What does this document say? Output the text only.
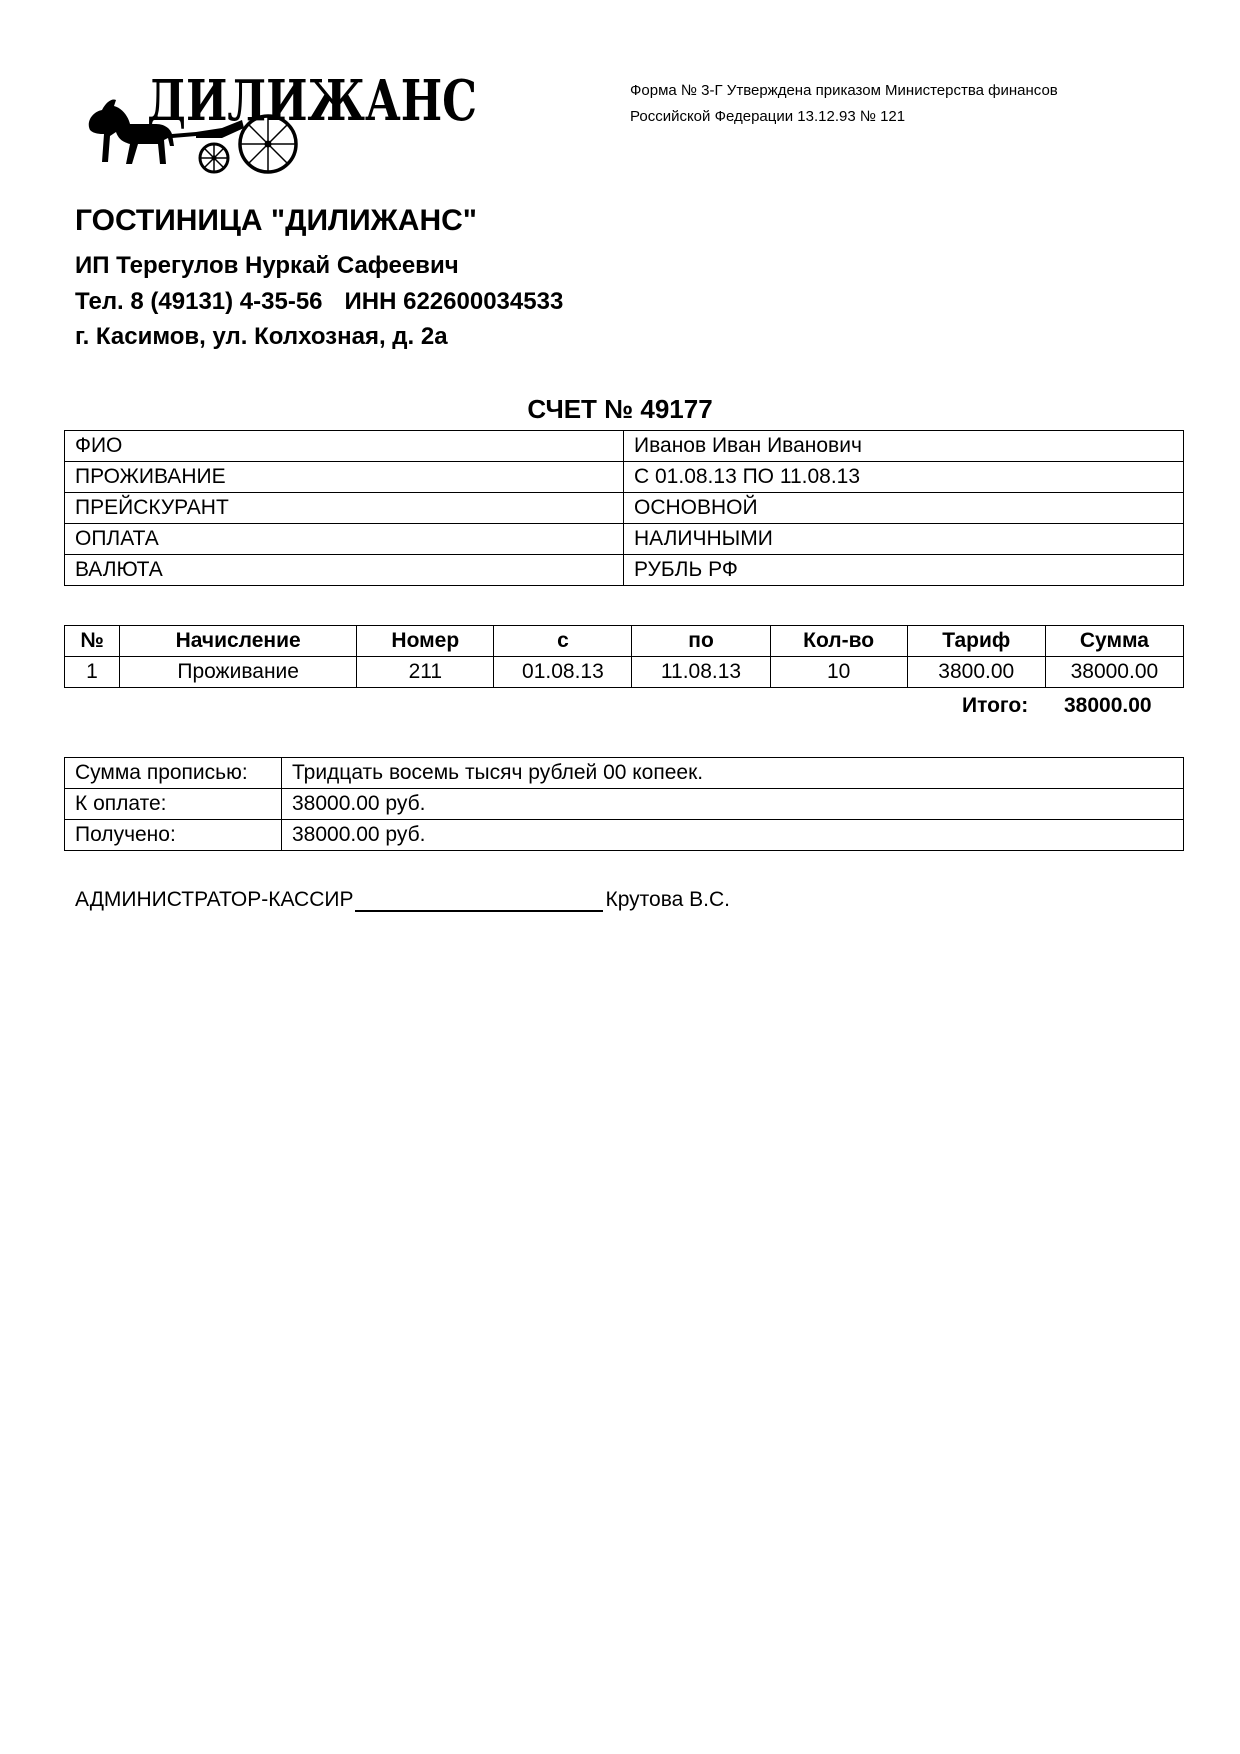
ДИЛИЖАНС	Форма № 3-Г Утверждена приказом Министерства финансов
Российской Федерации 13.12.93 № 121
ГОСТИНИЦА "ДИЛИЖАНС"
ИП Терегулов Нуркай Сафеевич
Тел. 8 (49131) 4-35-56 ИНН 622600034533
г. Касимов, ул. Колхозная, д. 2а
СЧЕТ № 49177
ФИО	Иванов Иван Иванович
ПРОЖИВАНИЕ	С 01.08.13 ПО 11.08.13
ПРЕЙСКУРАНТ	ОСНОВНОЙ
ОПЛАТА	НАЛИЧНЫМИ
ВАЛЮТА	РУБЛЬ РФ
№	Начисление	Номер	с	по	Кол-во	Тариф	Сумма
1	Проживание	211	01.08.13	11.08.13	10	3800.00	38000.00
Итого: 38000.00
Сумма прописью:	Тридцать восемь тысяч рублей 00 копеек.
К оплате:	38000.00 руб.
Получено:	38000.00 руб.
АДМИНИСТРАТОР-КАССИР	Крутова В.С.
